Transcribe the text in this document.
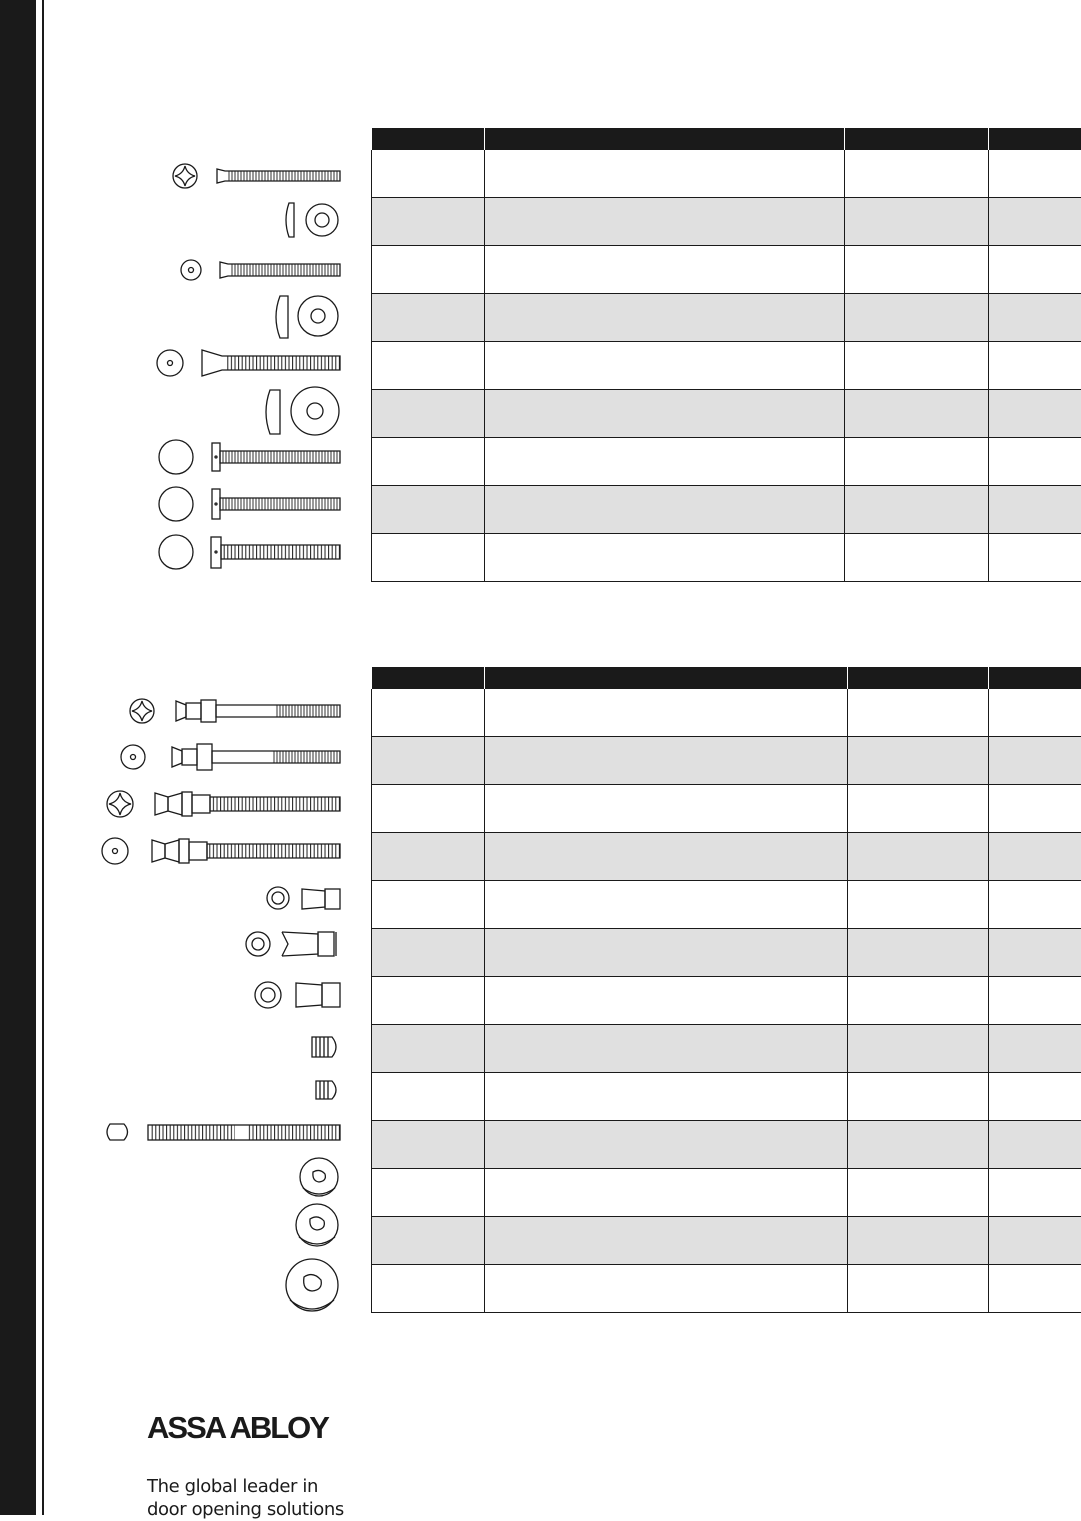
ASSA ABLOY
The global leader in
door opening solutions
